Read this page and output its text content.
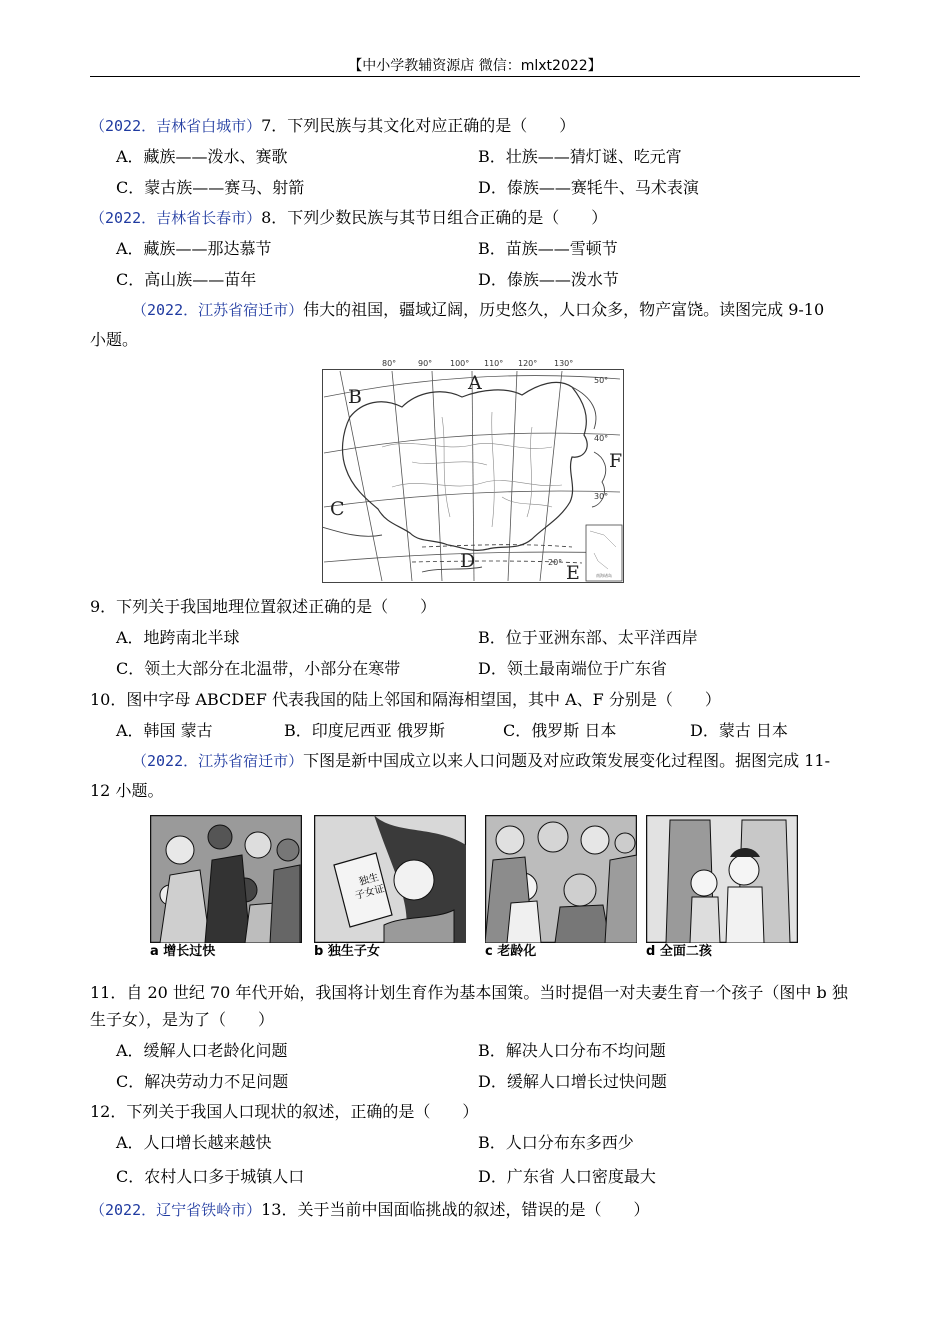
【中小学教辅资源店 微信：mlxt2022】
（2022．吉林省白城市）7．下列民族与其文化对应正确的是（　　）
A．藏族——泼水、赛歌	B．壮族——猜灯谜、吃元宵
C．蒙古族——赛马、射箭	D．傣族——赛牦牛、马术表演
（2022．吉林省长春市）8．下列少数民族与其节日组合正确的是（　　）
A．藏族——那达慕节	B．苗族——雪顿节
C．高山族——苗年	D．傣族——泼水节
（2022．江苏省宿迁市）伟大的祖国，疆域辽阔，历史悠久，人口众多，物产富饶。读图完成 9-10
小题。
南海诸岛
80°	90° 100° 110° 120° 130°
50°
40°
30°
20°
A
B
C
D
E
F
9．下列关于我国地理位置叙述正确的是（　　）
A．地跨南北半球	B．位于亚洲东部、太平洋西岸
C．领土大部分在北温带，小部分在寒带	D．领土最南端位于广东省
10．图中字母 ABCDEF 代表我国的陆上邻国和隔海相望国，其中 A、F 分别是（　　）
A．韩国 蒙古	B．印度尼西亚 俄罗斯	C．俄罗斯 日本	D．蒙古 日本
（2022．江苏省宿迁市）下图是新中国成立以来人口问题及对应政策发展变化过程图。据图完成 11-
12 小题。
a 增长过快
独生
子女证
b 独生子女	c 老龄化	d 全面二孩
11．自 20 世纪 70 年代开始，我国将计划生育作为基本国策。当时提倡一对夫妻生育一个孩子（图中 b 独
生子女），是为了（　　）
A．缓解人口老龄化问题	B．解决人口分布不均问题
C．解决劳动力不足问题	D．缓解人口增长过快问题
12．下列关于我国人口现状的叙述，正确的是（　　）
A．人口增长越来越快	B．人口分布东多西少
C．农村人口多于城镇人口	D．广东省 人口密度最大
（2022．辽宁省铁岭市）13．关于当前中国面临挑战的叙述，错误的是（　　）
